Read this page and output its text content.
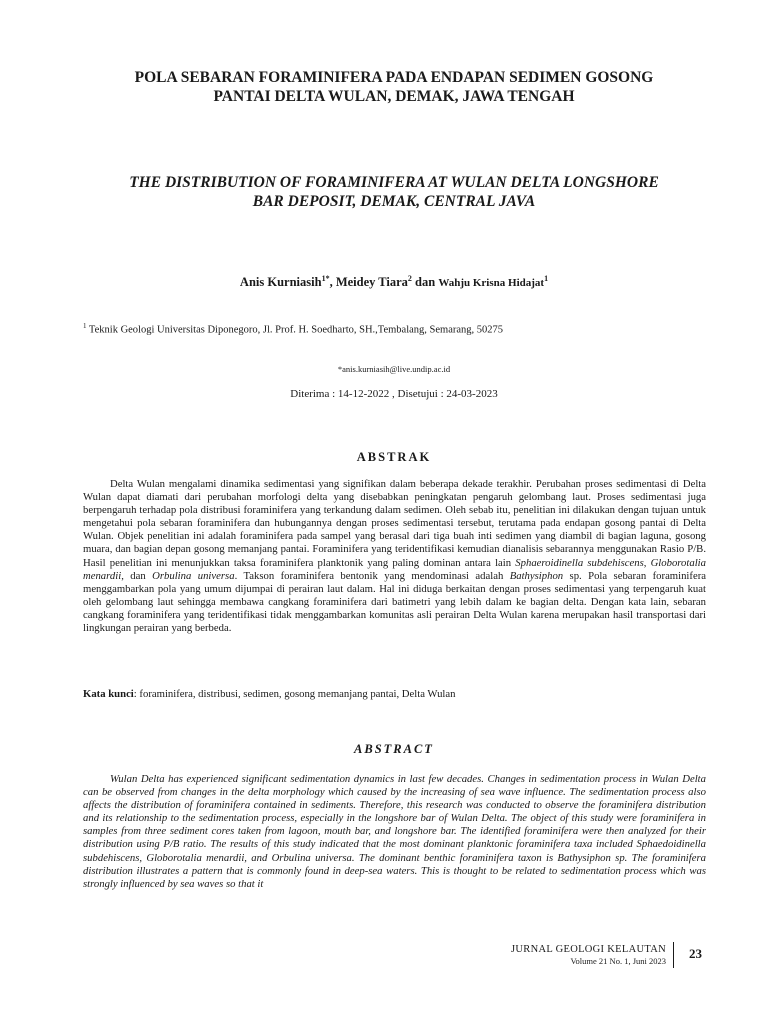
POLA SEBARAN FORAMINIFERA PADA ENDAPAN SEDIMEN GOSONG
PANTAI DELTA WULAN, DEMAK, JAWA TENGAH
THE DISTRIBUTION OF FORAMINIFERA AT WULAN DELTA LONGSHORE
BAR DEPOSIT, DEMAK, CENTRAL JAVA
Anis Kurniasih$^{1*}$, Meidey Tiara$^2$ dan Wahju Krisna Hidajat$^1$
$^1$ Teknik Geologi Universitas Diponegoro, Jl. Prof. H. Soedharto, SH.,Tembalang, Semarang, 50275
*anis.kurniasih@live.undip.ac.id
Diterima : 14-12-2022 , Disetujui : 24-03-2023
ABSTRAK

Delta Wulan mengalami dinamika sedimentasi yang signifikan dalam beberapa dekade terakhir. Perubahan proses sedimentasi di Delta Wulan dapat diamati dari perubahan morfologi delta yang disebabkan peningkatan pengaruh gelombang laut. Proses sedimentasi juga berpengaruh terhadap pola distribusi foraminifera yang terkandung dalam sedimen. Oleh sebab itu, penelitian ini dilakukan dengan tujuan untuk mengetahui pola sebaran foraminifera dan hubungannya dengan proses sedimentasi tersebut, terutama pada endapan gosong pantai di Delta Wulan. Objek penelitian ini adalah foraminifera pada sampel yang berasal dari tiga buah inti sedimen yang diambil di bagian laguna, gosong muara, dan bagian depan gosong memanjang pantai. Foraminifera yang teridentifikasi kemudian dianalisis sebarannya menggunakan Rasio P/B. Hasil penelitian ini menunjukkan taksa foraminifera planktonik yang paling dominan antara lain Sphaeroidinella subdehiscens, Globorotalia menardii, dan Orbulina universa. Takson foraminifera bentonik yang mendominasi adalah Bathysiphon sp. Pola sebaran foraminifera menggambarkan pola yang umum dijumpai di perairan laut dalam. Hal ini diduga berkaitan dengan proses sedimentasi yang terpengaruh kuat oleh gelombang laut sehingga membawa cangkang foraminifera dari batimetri yang lebih dalam ke bagian delta. Dengan kata lain, sebaran cangkang foraminifera yang teridentifikasi tidak menggambarkan komunitas asli perairan Delta Wulan karena merupakan hasil transportasi dari lingkungan perairan yang berbeda.

Kata kunci: foraminifera, distribusi, sedimen, gosong memanjang pantai, Delta Wulan
ABSTRACT

Wulan Delta has experienced significant sedimentation dynamics in last few decades. Changes in sedimentation process in Wulan Delta can be observed from changes in the delta morphology which caused by the increasing of sea wave influence. The sedimentation process also affects the distribution of foraminifera contained in sediments. Therefore, this research was conducted to observe the foraminifera distribution and its relationship to the sedimentation process, especially in the longshore bar of Wulan Delta. The object of this study were foraminifera in samples from three sediment cores taken from lagoon, mouth bar, and longshore bar. The identified foraminifera were then analyzed for their distribution using P/B ratio. The results of this study indicated that the most dominant planktonic foraminifera taxa included Sphaedoidinella subdehiscens, Globorotalia menardii, and Orbulina universa. The dominant benthic foraminifera taxon is Bathysiphon sp. The foraminifera distribution illustrates a pattern that is commonly found in deep-sea waters. This is thought to be related to sedimentation process which was strongly influenced by sea waves so that it

JURNAL GEOLOGI KELAUTAN
Volume 21 No. 1, Juni 2023 23
